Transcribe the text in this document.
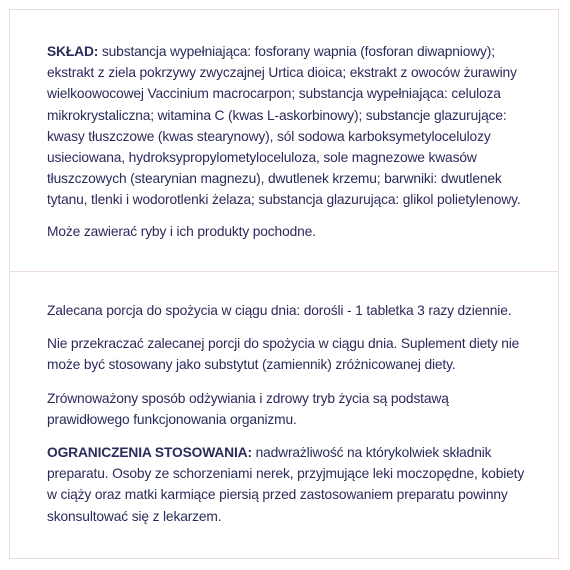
SKŁAD: substancja wypełniająca: fosforany wapnia (fosforan diwapniowy); ekstrakt z ziela pokrzywy zwyczajnej Urtica dioica; ekstrakt z owoców żurawiny wielkoowocowej Vaccinium macrocarpon; substancja wypełniająca: celuloza mikrokrystaliczna; witamina C (kwas L-askorbinowy); substancje glazurujące: kwasy tłuszczowe (kwas stearynowy), sól sodowa karboksymetylocelulozy usieciowana, hydroksypropylometyloceluloza, sole magnezowe kwasów tłuszczowych (stearynian magnezu), dwutlenek krzemu; barwniki: dwutlenek tytanu, tlenki i wodorotlenki żelaza; substancja glazurująca: glikol polietylenowy.

Może zawierać ryby i ich produkty pochodne.

Zalecana porcja do spożycia w ciągu dnia: dorośli - 1 tabletka 3 razy dziennie.

Nie przekraczać zalecanej porcji do spożycia w ciągu dnia. Suplement diety nie może być stosowany jako substytut (zamiennik) zróżnicowanej diety.

Zrównoważony sposób odżywiania i zdrowy tryb życia są podstawą prawidłowego funkcjonowania organizmu.

OGRANICZENIA STOSOWANIA: nadwrażliwość na którykolwiek składnik preparatu. Osoby ze schorzeniami nerek, przyjmujące leki moczopędne, kobiety w ciąży oraz matki karmiące piersią przed zastosowaniem preparatu powinny skonsultować się z lekarzem.
